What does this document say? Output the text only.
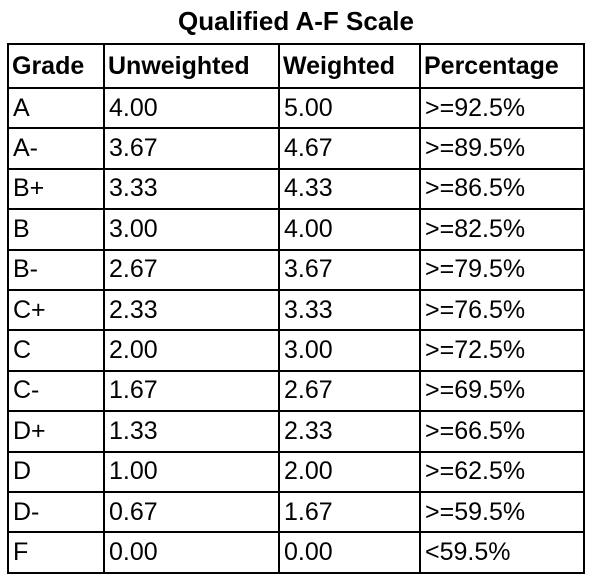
Qualified A-F Scale
Grade	Unweighted	Weighted	Percentage
A	4.00	5.00	>=92.5%
A-	3.67	4.67	>=89.5%
B+	3.33	4.33	>=86.5%
B	3.00	4.00	>=82.5%
B-	2.67	3.67	>=79.5%
C+	2.33	3.33	>=76.5%
C	2.00	3.00	>=72.5%
C-	1.67	2.67	>=69.5%
D+	1.33	2.33	>=66.5%
D	1.00	2.00	>=62.5%
D-	0.67	1.67	>=59.5%
F	0.00	0.00	<59.5%
